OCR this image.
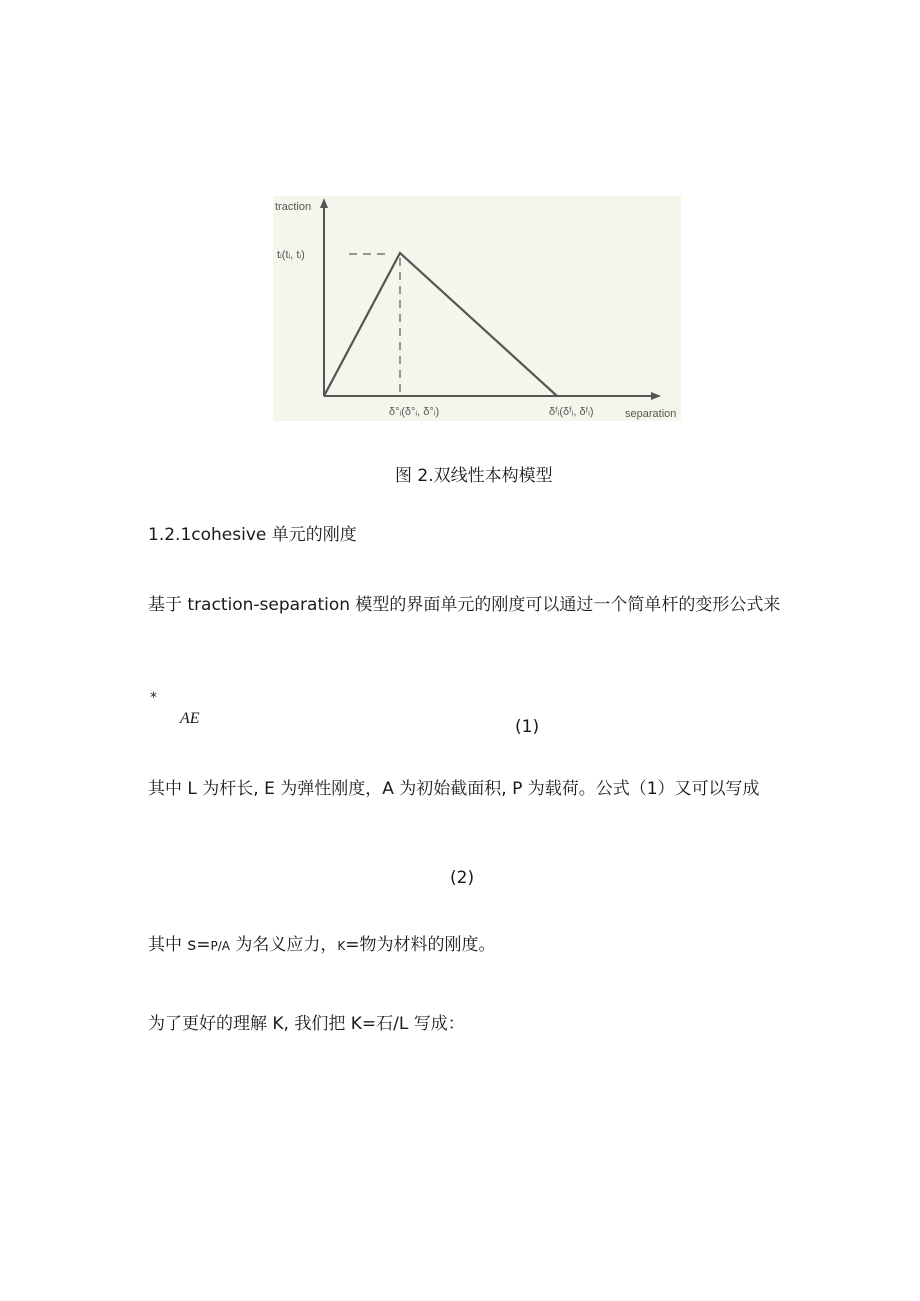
traction
tᵢ(tᵢ, tᵢ)
δ°ᵢ(δ°ᵢ, δ°ᵢ)	δᶠᵢ(δᶠᵢ, δᶠᵢ)	separation
图 2.双线性本构模型
1.2.1cohesive 单元的刚度
基于 traction-separation 模型的界面单元的刚度可以通过一个简单杆的变形公式来
*
AE	(1)
其中 L 为杆长, E 为弹性刚度，A 为初始截面积, P 为载荷。公式（1）又可以写成
(2)
其中 s=P/A 为名义应力，K=物为材料的刚度。
为了更好的理解 K, 我们把 K=石/L 写成：
